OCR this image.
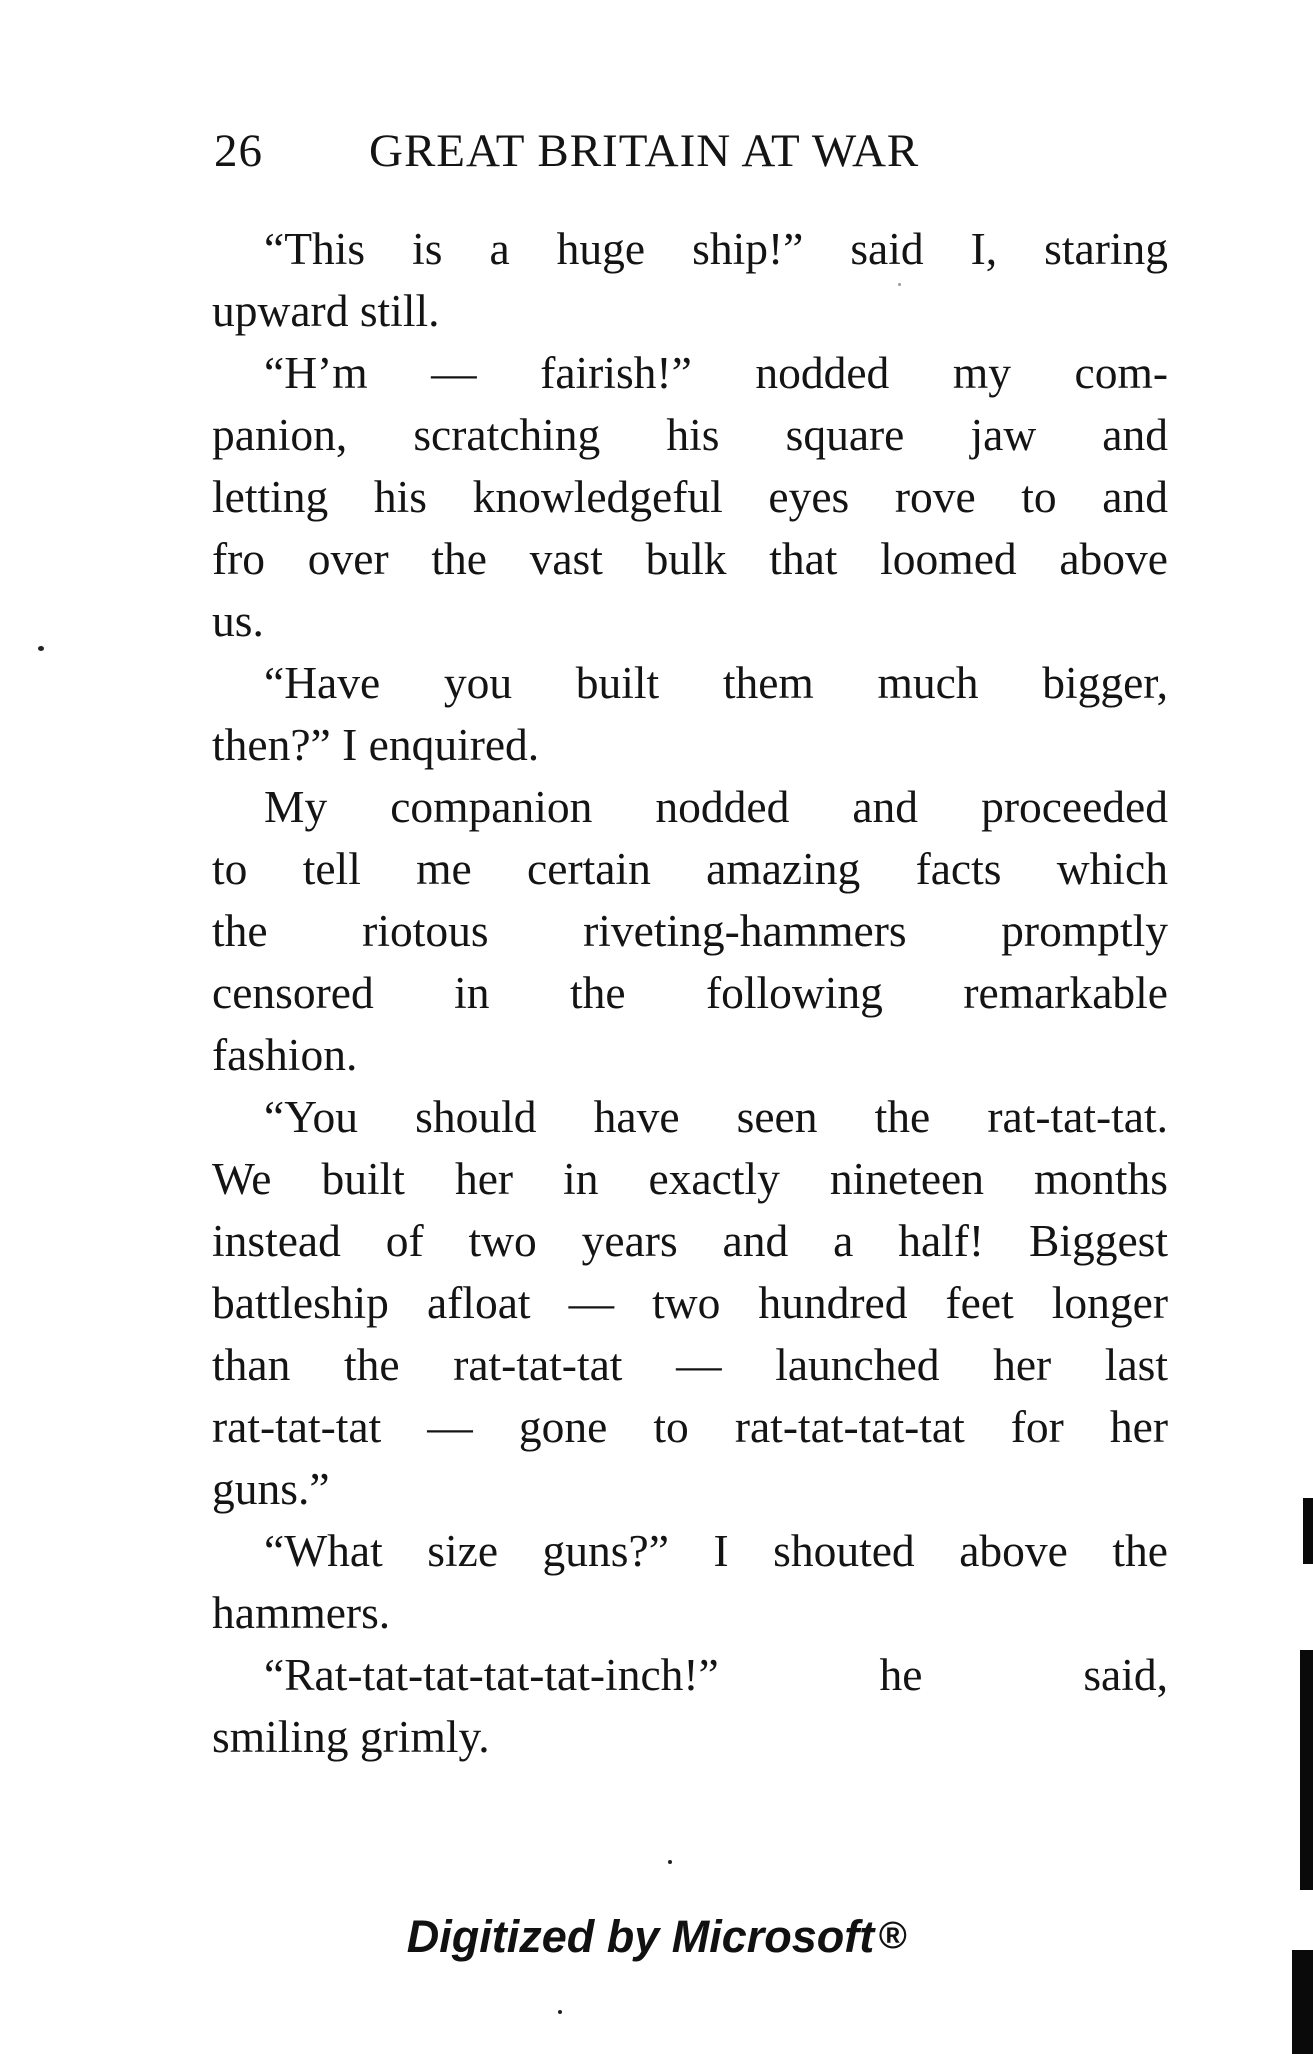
26 GREAT BRITAIN AT WAR

“This is a huge ship!” said I, staring
upward still.

“H’m — fairish!” nodded my com-
panion, scratching his square jaw and
letting his knowledgeful eyes rove to and
fro over the vast bulk that loomed above
us.

“Have you built them much bigger,
then?” I enquired.

My companion nodded and proceeded
to tell me certain amazing facts which
the riotous riveting-hammers promptly
censored in the following remarkable
fashion.

“You should have seen the rat-tat-tat.
We built her in exactly nineteen months
instead of two years and a half! Biggest
battleship afloat — two hundred feet longer
than the rat-tat-tat — launched her last
rat-tat-tat — gone to rat-tat-tat-tat for her
guns.”

“What size guns?” I shouted above the
hammers.

“Rat-tat-tat-tat-tat-inch!” he said,
smiling grimly.

Digitized by Microsoft ®
